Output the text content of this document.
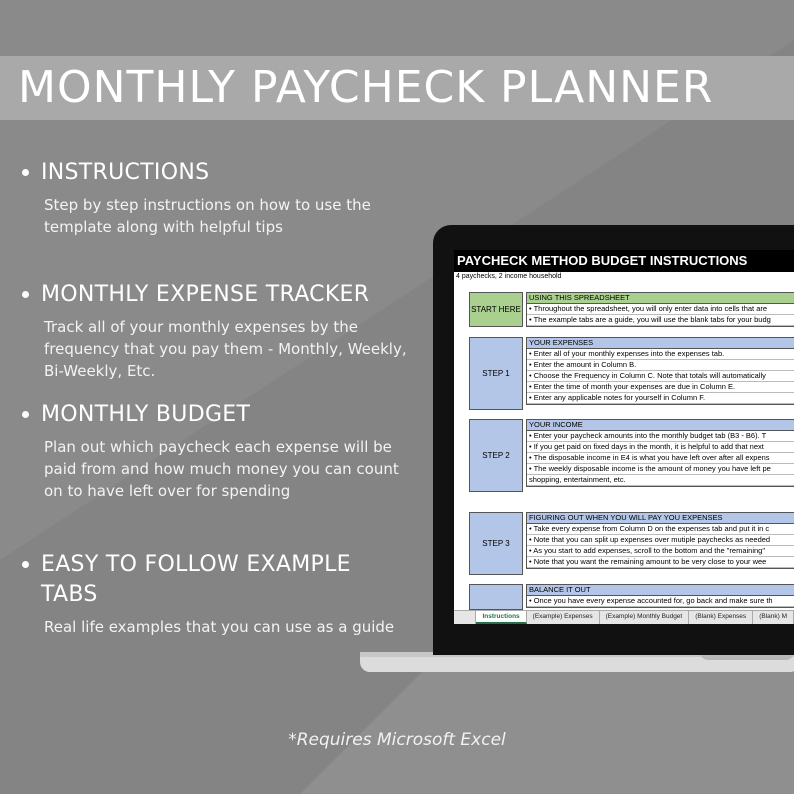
MONTHLY PAYCHECK PLANNER
INSTRUCTIONS
Step by step instructions on how to use the template along with helpful tips
MONTHLY EXPENSE TRACKER
Track all of your monthly expenses by the frequency that you pay them - Monthly, Weekly, Bi-Weekly, Etc.
MONTHLY BUDGET
Plan out which paycheck each expense will be paid from and how much money you can count on to have left over for spending
EASY TO FOLLOW EXAMPLE TABS
Real life examples that you can use as a guide
*Requires Microsoft Excel
PAYCHECK METHOD BUDGET INSTRUCTIONS
4 paychecks, 2 income household
START HERE
USING THIS SPREADSHEET
• Throughout the spreadsheet, you will only enter data into cells that are
• The example tabs are a guide, you will use the blank tabs for your budg
STEP 1
YOUR EXPENSES
• Enter all of your monthly expenses into the expenses tab.
• Enter the amount in Column B.
• Choose the Frequency in Column C. Note that totals will automatically
• Enter the time of month your expenses are due in Column E.
• Enter any applicable notes for yourself in Column F.
STEP 2
YOUR INCOME
• Enter your paycheck amounts into the monthly budget tab (B3 - B6). T
• If you get paid on fixed days in the month, it is helpful to add that next
• The disposable income in E4 is what you have left over after all expens
• The weekly disposable income is the amount of money you have left pe
shopping, entertainment, etc.
STEP 3
FIGURING OUT WHEN YOU WILL PAY YOU EXPENSES
• Take every expense from Column D on the expenses tab and put it in c
• Note that you can split up expenses over mutiple paychecks as needed
• As you start to add expenses, scroll to the bottom and the "remaining"
• Note that you want the remaining amount to be very close to your wee
BALANCE IT OUT
• Once you have every expense accounted for, go back and make sure th
Instructions	(Example) Expenses	(Example) Monthly Budget	(Blank) Expenses	(Blank) M
